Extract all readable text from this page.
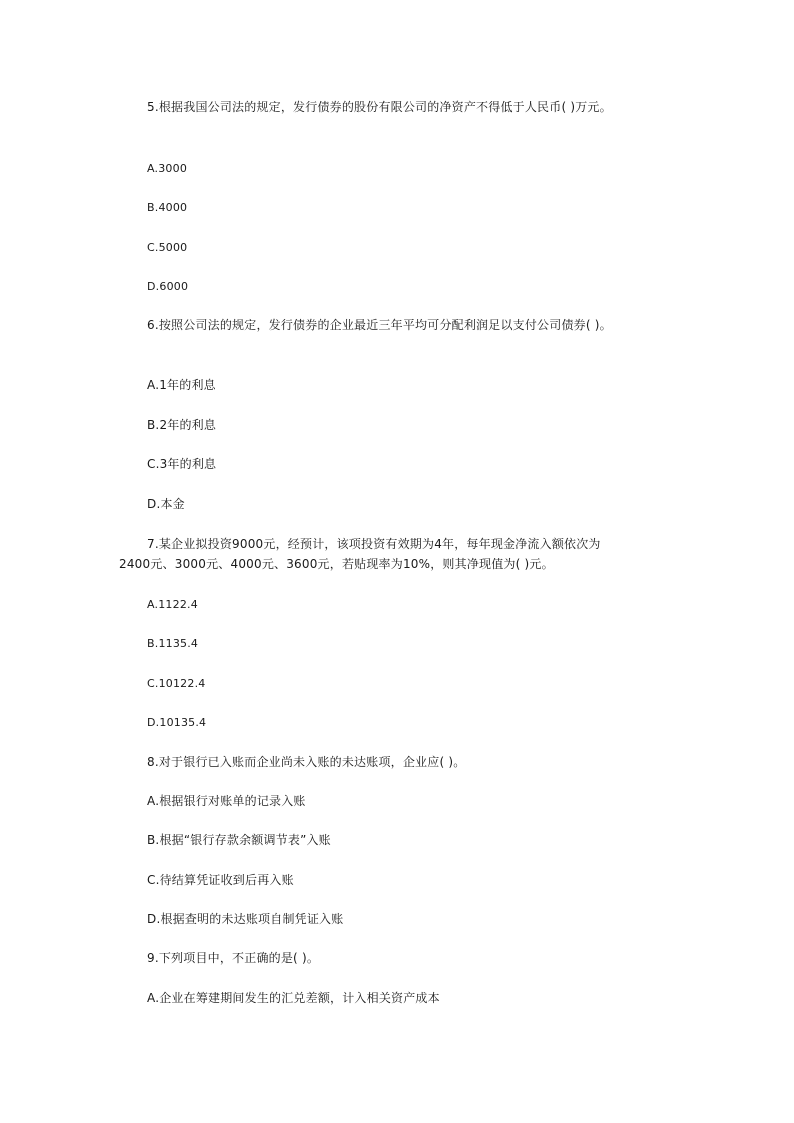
5.根据我国公司法的规定，发行债券的股份有限公司的净资产不得低于人民币( )万元。
A.3000
B.4000
C.5000
D.6000
6.按照公司法的规定，发行债券的企业最近三年平均可分配利润足以支付公司债券( )。
A.1年的利息
B.2年的利息
C.3年的利息
D.本金
7.某企业拟投资9000元，经预计，该项投资有效期为4年，每年现金净流入额依次为
2400元、3000元、4000元、3600元，若贴现率为10%，则其净现值为( )元。
A.1122.4
B.1135.4
C.10122.4
D.10135.4
8.对于银行已入账而企业尚未入账的未达账项，企业应( )。
A.根据银行对账单的记录入账
B.根据“银行存款余额调节表”入账
C.待结算凭证收到后再入账
D.根据查明的未达账项自制凭证入账
9.下列项目中，不正确的是( )。
A.企业在筹建期间发生的汇兑差额，计入相关资产成本
